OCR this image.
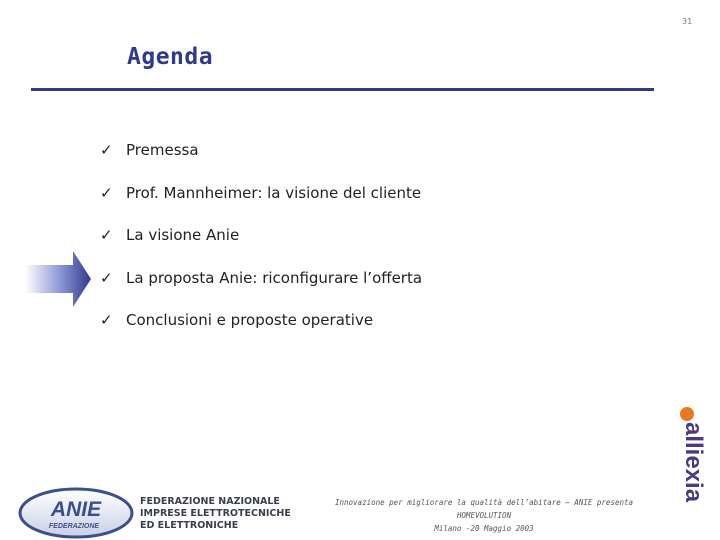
31
Agenda
✓ Premessa
✓ Prof. Mannheimer: la visione del cliente
✓ La visione Anie
✓ La proposta Anie: riconfigurare l’offerta
✓ Conclusioni e proposte operative
ANIE
FEDERAZIONE
FEDERAZIONE NAZIONALE
IMPRESE ELETTROTECNICHE
ED ELETTRONICHE
Innovazione per migliorare la qualità dell’abitare – ANIE presenta HOMEVOLUTION
Milano -20 Maggio 2003
alliexia
